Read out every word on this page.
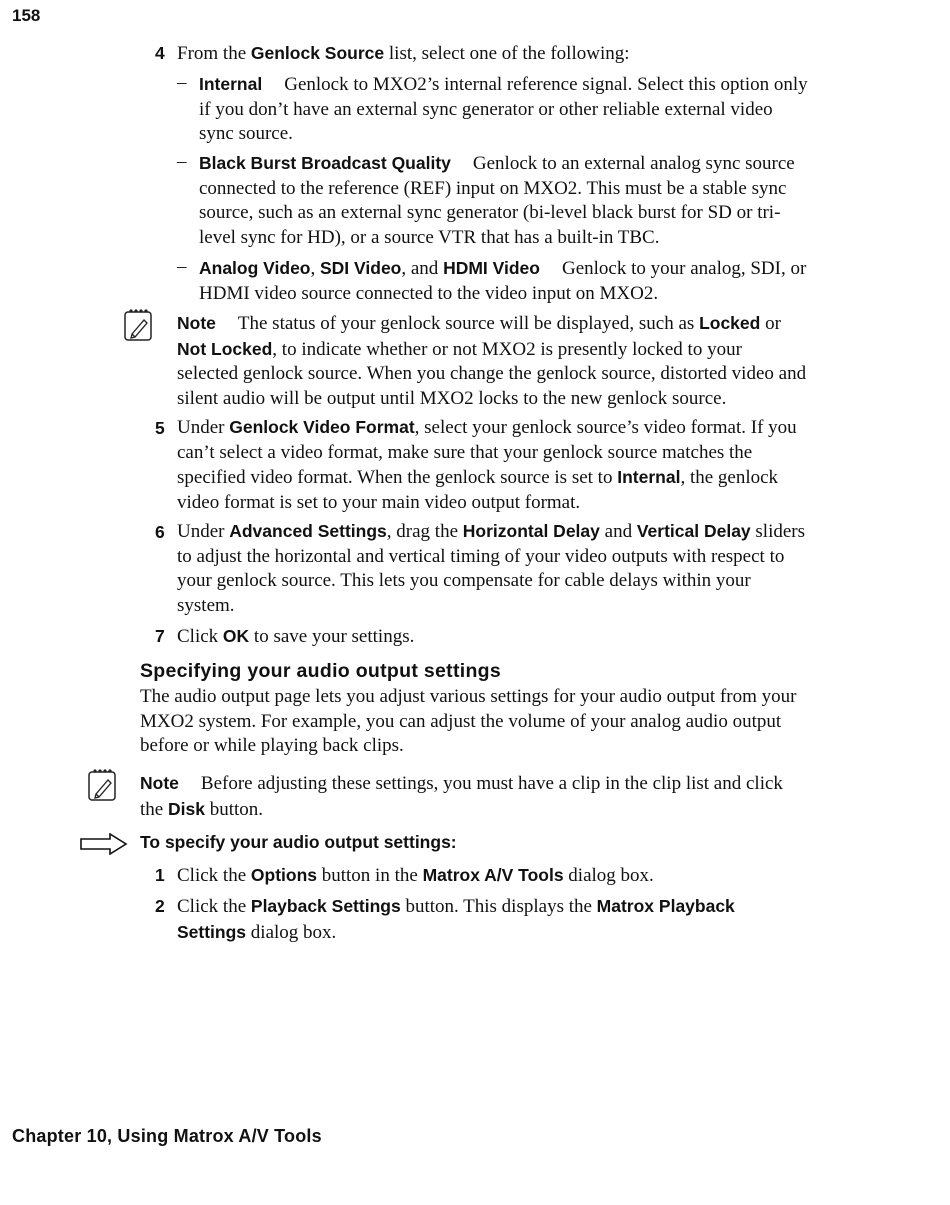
158
4 From the Genlock Source list, select one of the following:
– Internal Genlock to MXO2’s internal reference signal. Select this option only if you don’t have an external sync generator or other reliable external video sync source.
– Black Burst Broadcast Quality Genlock to an external analog sync source connected to the reference (REF) input on MXO2. This must be a stable sync source, such as an external sync generator (bi-level black burst for SD or tri-level sync for HD), or a source VTR that has a built-in TBC.
– Analog Video, SDI Video, and HDMI Video Genlock to your analog, SDI, or HDMI video source connected to the video input on MXO2.
Note The status of your genlock source will be displayed, such as Locked or Not Locked, to indicate whether or not MXO2 is presently locked to your selected genlock source. When you change the genlock source, distorted video and silent audio will be output until MXO2 locks to the new genlock source.
5 Under Genlock Video Format, select your genlock source’s video format. If you can’t select a video format, make sure that your genlock source matches the specified video format. When the genlock source is set to Internal, the genlock video format is set to your main video output format.
6 Under Advanced Settings, drag the Horizontal Delay and Vertical Delay sliders to adjust the horizontal and vertical timing of your video outputs with respect to your genlock source. This lets you compensate for cable delays within your system.
7 Click OK to save your settings.
Specifying your audio output settings
The audio output page lets you adjust various settings for your audio output from your MXO2 system. For example, you can adjust the volume of your analog audio output before or while playing back clips.
Note Before adjusting these settings, you must have a clip in the clip list and click the Disk button.
To specify your audio output settings:
1 Click the Options button in the Matrox A/V Tools dialog box.
2 Click the Playback Settings button. This displays the Matrox Playback Settings dialog box.
Chapter 10, Using Matrox A/V Tools
